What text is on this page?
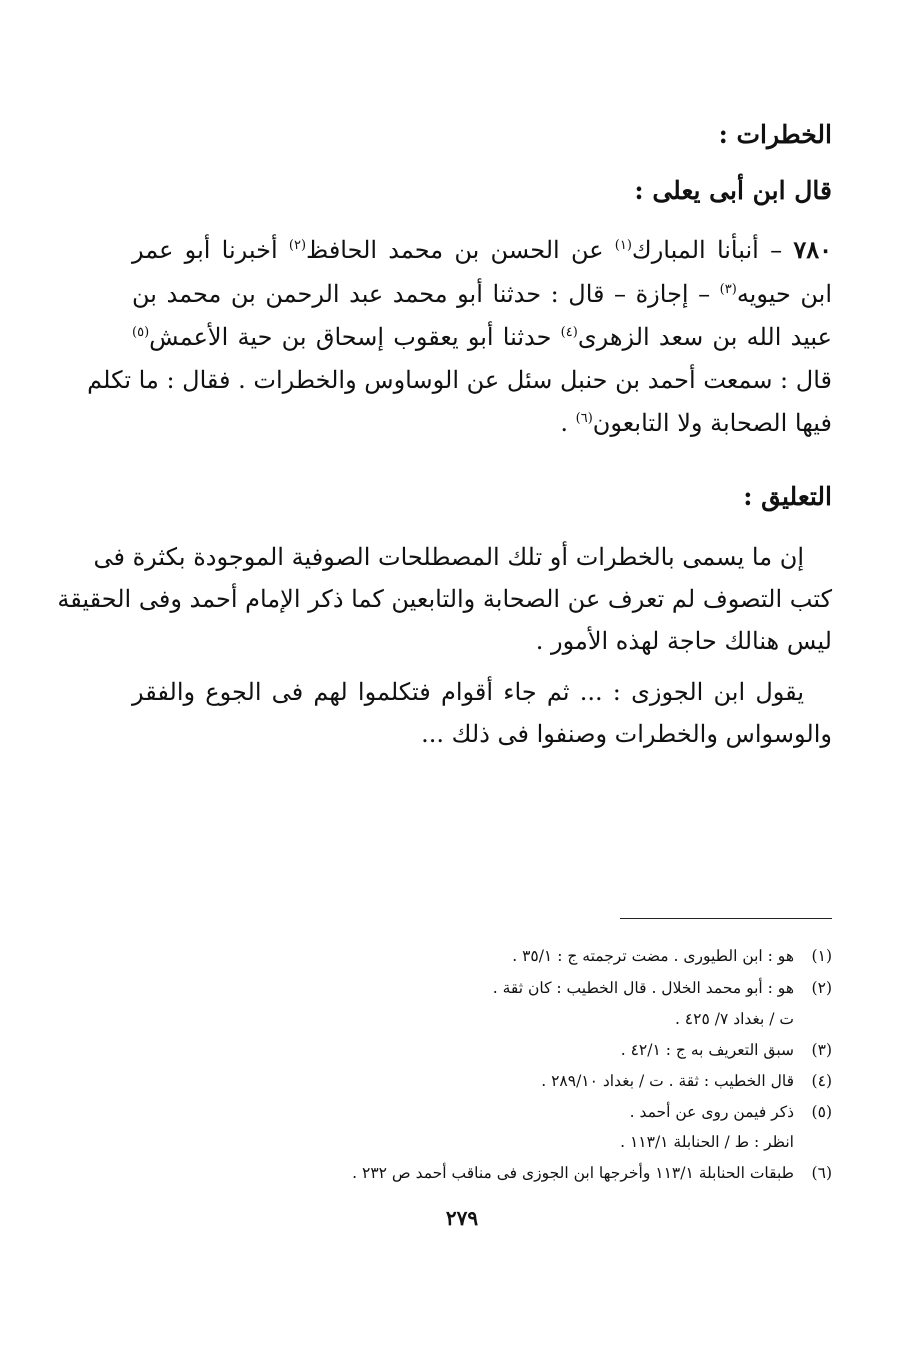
الخطرات :
قال ابن أبى يعلى :
٧٨٠ – أنبأنا المبارك$^{(١)}$ عن الحسن بن محمد الحافظ$^{(٢)}$ أخبرنا أبو عمر
ابن حيويه$^{(٣)}$ – إجازة – قال : حدثنا أبو محمد عبد الرحمن بن محمد بن
عبيد الله بن سعد الزهرى$^{(٤)}$ حدثنا أبو يعقوب إسحاق بن حية الأعمش$^{(٥)}$
قال : سمعت أحمد بن حنبل سئل عن الوساوس والخطرات . فقال : ما تكلم
فيها الصحابة ولا التابعون$^{(٦)}$ .
التعليق :
إن ما يسمى بالخطرات أو تلك المصطلحات الصوفية الموجودة بكثرة فى
كتب التصوف لم تعرف عن الصحابة والتابعين كما ذكر الإمام أحمد وفى الحقيقة
ليس هنالك حاجة لهذه الأمور .
يقول ابن الجوزى : ... ثم جاء أقوام فتكلموا لهم فى الجوع والفقر
والوسواس والخطرات وصنفوا فى ذلك ...
(١)هو : ابن الطيورى . مضت ترجمته ج : ٣٥/١ .
(٢)هو : أبو محمد الخلال . قال الخطيب : كان ثقة .
ت / بغداد ٧/ ٤٢٥ .
(٣)سبق التعريف به ج : ٤٢/١ .
(٤)قال الخطيب : ثقة . ت / بغداد ٢٨٩/١٠ .
(٥)ذكر فيمن روى عن أحمد .
انظر : ط / الحنابلة ١١٣/١ .
(٦)طبقات الحنابلة ١١٣/١ وأخرجها ابن الجوزى فى مناقب أحمد ص ٢٣٢ .
٢٧٩
